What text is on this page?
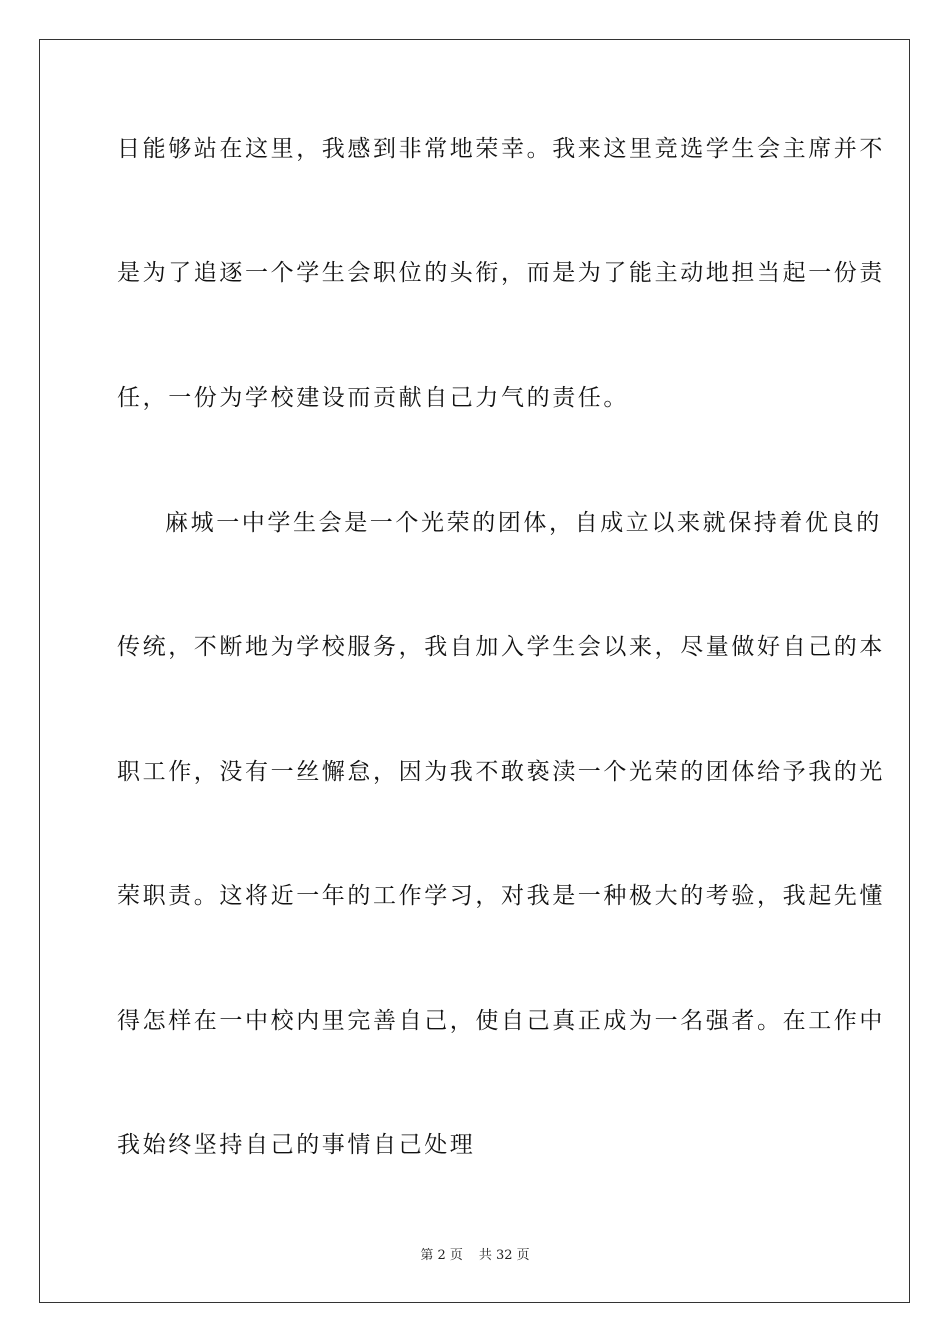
日能够站在这里，我感到非常地荣幸。我来这里竞选学生会主席并不
是为了追逐一个学生会职位的头衔，而是为了能主动地担当起一份责
任，一份为学校建设而贡献自己力气的责任。
麻城一中学生会是一个光荣的团体，自成立以来就保持着优良的
传统，不断地为学校服务，我自加入学生会以来，尽量做好自己的本
职工作，没有一丝懈怠，因为我不敢亵渎一个光荣的团体给予我的光
荣职责。这将近一年的工作学习，对我是一种极大的考验，我起先懂
得怎样在一中校内里完善自己，使自己真正成为一名强者。在工作中
我始终坚持自己的事情自己处理
第 2 页 共 32 页
